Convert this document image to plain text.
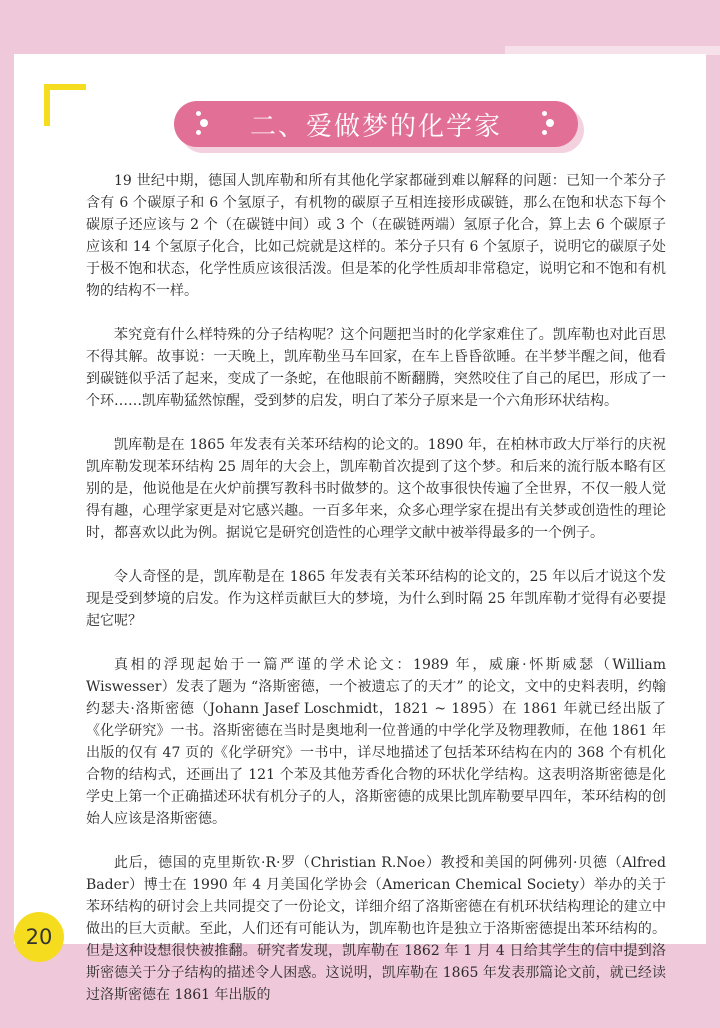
二、爱做梦的化学家

19 世纪中期，德国人凯库勒和所有其他化学家都碰到难以解释的问题：已知一个苯分子含有 6 个碳原子和 6 个氢原子，有机物的碳原子互相连接形成碳链，那么在饱和状态下每个碳原子还应该与 2 个（在碳链中间）或 3 个（在碳链两端）氢原子化合，算上去 6 个碳原子应该和 14 个氢原子化合，比如己烷就是这样的。苯分子只有 6 个氢原子，说明它的碳原子处于极不饱和状态，化学性质应该很活泼。但是苯的化学性质却非常稳定，说明它和不饱和有机物的结构不一样。

苯究竟有什么样特殊的分子结构呢？这个问题把当时的化学家难住了。凯库勒也对此百思不得其解。故事说：一天晚上，凯库勒坐马车回家，在车上昏昏欲睡。在半梦半醒之间，他看到碳链似乎活了起来，变成了一条蛇，在他眼前不断翻腾，突然咬住了自己的尾巴，形成了一个环……凯库勒猛然惊醒，受到梦的启发，明白了苯分子原来是一个六角形环状结构。

凯库勒是在 1865 年发表有关苯环结构的论文的。1890 年，在柏林市政大厅举行的庆祝凯库勒发现苯环结构 25 周年的大会上，凯库勒首次提到了这个梦。和后来的流行版本略有区别的是，他说他是在火炉前撰写教科书时做梦的。这个故事很快传遍了全世界，不仅一般人觉得有趣，心理学家更是对它感兴趣。一百多年来，众多心理学家在提出有关梦或创造性的理论时，都喜欢以此为例。据说它是研究创造性的心理学文献中被举得最多的一个例子。

令人奇怪的是，凯库勒是在 1865 年发表有关苯环结构的论文的，25 年以后才说这个发现是受到梦境的启发。作为这样贡献巨大的梦境，为什么到时隔 25 年凯库勒才觉得有必要提起它呢？

真相的浮现起始于一篇严谨的学术论文：1989 年，威廉·怀斯威瑟（William Wiswesser）发表了题为 “洛斯密德，一个被遗忘了的天才” 的论文，文中的史料表明，约翰约瑟夫·洛斯密德（Johann Jasef Loschmidt，1821 ~ 1895）在 1861 年就已经出版了《化学研究》一书。洛斯密德在当时是奥地利一位普通的中学化学及物理教师，在他 1861 年出版的仅有 47 页的《化学研究》一书中，详尽地描述了包括苯环结构在内的 368 个有机化合物的结构式，还画出了 121 个苯及其他芳香化合物的环状化学结构。这表明洛斯密德是化学史上第一个正确描述环状有机分子的人，洛斯密德的成果比凯库勒要早四年，苯环结构的创始人应该是洛斯密德。

此后，德国的克里斯钦·R·罗（Christian R.Noe）教授和美国的阿佛列·贝德（Alfred Bader）博士在 1990 年 4 月美国化学协会（American Chemical Society）举办的关于苯环结构的研讨会上共同提交了一份论文，详细介绍了洛斯密德在有机环状结构理论的建立中做出的巨大贡献。至此，人们还有可能认为，凯库勒也许是独立于洛斯密德提出苯环结构的。但是这种设想很快被推翻。研究者发现，凯库勒在 1862 年 1 月 4 日给其学生的信中提到洛斯密德关于分子结构的描述令人困惑。这说明，凯库勒在 1865 年发表那篇论文前，就已经读过洛斯密德在 1861 年出版的

20
